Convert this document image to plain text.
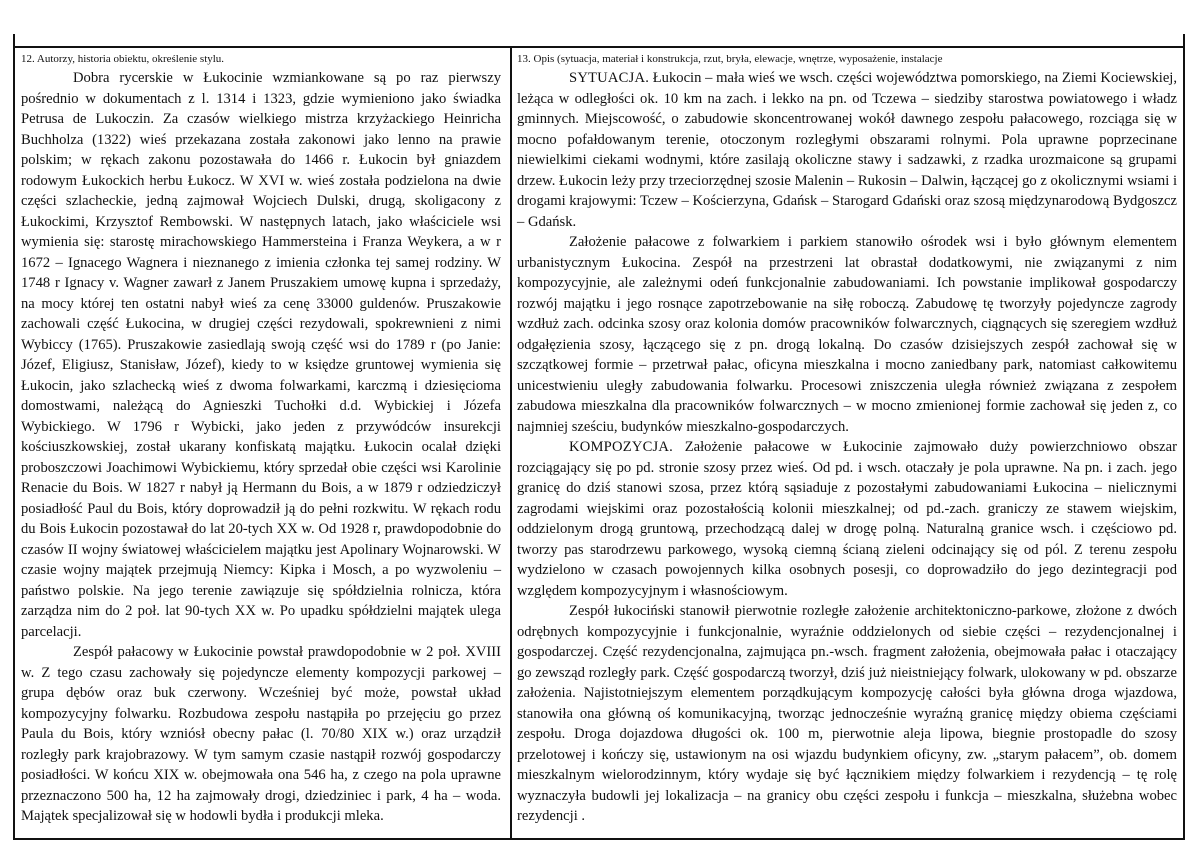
12. Autorzy, historia obiektu, określenie stylu.	13. Opis (sytuacja, materiał i konstrukcja, rzut, bryła, elewacje, wnętrze, wyposażenie, instalacje

Dobra rycerskie w Łukocinie wzmiankowane są po raz pierwszy pośrednio w dokumentach z l. 1314 i 1323, gdzie wymieniono jako świadka Petrusa de Lukoczin. Za czasów wielkiego mistrza krzyżackiego Heinricha Buchholza (1322) wieś przekazana została zakonowi jako lenno na prawie polskim; w rękach zakonu pozostawała do 1466 r. Łukocin był gniazdem rodowym Łukockich herbu Łukocz. W XVI w. wieś została podzielona na dwie części szlacheckie, jedną zajmował Wojciech Dulski, drugą, skoligacony z Łukockimi, Krzysztof Rembowski. W następnych latach, jako właściciele wsi wymienia się: starostę mirachowskiego Hammersteina i Franza Weykera, a w r 1672 – Ignacego Wagnera i nieznanego z imienia członka tej samej rodziny. W 1748 r Ignacy v. Wagner zawarł z Janem Pruszakiem umowę kupna i sprzedaży, na mocy której ten ostatni nabył wieś za cenę 33000 guldenów. Pruszakowie zachowali część Łukocina, w drugiej części rezydowali, spokrewnieni z nimi Wybiccy (1765). Pruszakowie zasiedlają swoją część wsi do 1789 r (po Janie: Józef, Eligiusz, Stanisław, Józef), kiedy to w księdze gruntowej wymienia się Łukocin, jako szlachecką wieś z dwoma folwarkami, karczmą i dziesięcioma domostwami, należącą do Agnieszki Tuchołki d.d. Wybickiej i Józefa Wybickiego. W 1796 r Wybicki, jako jeden z przywódców insurekcji kościuszkowskiej, został ukarany konfiskatą majątku. Łukocin ocalał dzięki proboszczowi Joachimowi Wybickiemu, który sprzedał obie części wsi Karolinie Renacie du Bois. W 1827 r nabył ją Hermann du Bois, a w 1879 r odziedziczył posiadłość Paul du Bois, który doprowadził ją do pełni rozkwitu. W rękach rodu du Bois Łukocin pozostawał do lat 20-tych XX w. Od 1928 r, prawdopodobnie do czasów II wojny światowej właścicielem majątku jest Apolinary Wojnarowski. W czasie wojny majątek przejmują Niemcy: Kipka i Mosch, a po wyzwoleniu – państwo polskie. Na jego terenie zawiązuje się spółdzielnia rolnicza, która zarządza nim do 2 poł. lat 90-tych XX w. Po upadku spółdzielni majątek ulega parcelacji.

Zespół pałacowy w Łukocinie powstał prawdopodobnie w 2 poł. XVIII w. Z tego czasu zachowały się pojedyncze elementy kompozycji parkowej – grupa dębów oraz buk czerwony. Wcześniej być może, powstał układ kompozycyjny folwarku. Rozbudowa zespołu nastąpiła po przejęciu go przez Paula du Bois, który wzniósł obecny pałac (l. 70/80 XIX w.) oraz urządził rozległy park krajobrazowy. W tym samym czasie nastąpił rozwój gospodarczy posiadłości. W końcu XIX w. obejmowała ona 546 ha, z czego na pola uprawne przeznaczono 500 ha, 12 ha zajmowały drogi, dziedziniec i park, 4 ha – woda. Majątek specjalizował się w hodowli bydła i produkcji mleka.

SYTUACJA. Łukocin – mała wieś we wsch. części województwa pomorskiego, na Ziemi Kociewskiej, leżąca w odległości ok. 10 km na zach. i lekko na pn. od Tczewa – siedziby starostwa powiatowego i władz gminnych. Miejscowość, o zabudowie skoncentrowanej wokół dawnego zespołu pałacowego, rozciąga się w mocno pofałdowanym terenie, otoczonym rozległymi obszarami rolnymi. Pola uprawne poprzecinane niewielkimi ciekami wodnymi, które zasilają okoliczne stawy i sadzawki, z rzadka urozmaicone są grupami drzew. Łukocin leży przy trzeciorzędnej szosie Malenin – Rukosin – Dalwin, łączącej go z okolicznymi wsiami i drogami krajowymi: Tczew – Kościerzyna, Gdańsk – Starogard Gdański oraz szosą międzynarodową Bydgoszcz – Gdańsk.

Założenie pałacowe z folwarkiem i parkiem stanowiło ośrodek wsi i było głównym elementem urbanistycznym Łukocina. Zespół na przestrzeni lat obrastał dodatkowymi, nie związanymi z nim kompozycyjnie, ale zależnymi odeń funkcjonalnie zabudowaniami. Ich powstanie implikował gospodarczy rozwój majątku i jego rosnące zapotrzebowanie na siłę roboczą. Zabudowę tę tworzyły pojedyncze zagrody wzdłuż zach. odcinka szosy oraz kolonia domów pracowników folwarcznych, ciągnących się szeregiem wzdłuż odgałęzienia szosy, łączącego się z pn. drogą lokalną. Do czasów dzisiejszych zespół zachował się w szczątkowej formie – przetrwał pałac, oficyna mieszkalna i mocno zaniedbany park, natomiast całkowitemu unicestwieniu uległy zabudowania folwarku. Procesowi zniszczenia uległa również związana z zespołem zabudowa mieszkalna dla pracowników folwarcznych – w mocno zmienionej formie zachował się jeden z, co najmniej sześciu, budynków mieszkalno-gospodarczych.

KOMPOZYCJA. Założenie pałacowe w Łukocinie zajmowało duży powierzchniowo obszar rozciągający się po pd. stronie szosy przez wieś. Od pd. i wsch. otaczały je pola uprawne. Na pn. i zach. jego granicę do dziś stanowi szosa, przez którą sąsiaduje z pozostałymi zabudowaniami Łukocina – nielicznymi zagrodami wiejskimi oraz pozostałością kolonii mieszkalnej; od pd.-zach. graniczy ze stawem wiejskim, oddzielonym drogą gruntową, przechodzącą dalej w drogę polną. Naturalną granice wsch. i częściowo pd. tworzy pas starodrzewu parkowego, wysoką ciemną ścianą zieleni odcinający się od pól. Z terenu zespołu wydzielono w czasach powojennych kilka osobnych posesji, co doprowadziło do jego dezintegracji pod względem kompozycyjnym i własnościowym.

Zespół łukociński stanowił pierwotnie rozległe założenie architektoniczno-parkowe, złożone z dwóch odrębnych kompozycyjnie i funkcjonalnie, wyraźnie oddzielonych od siebie części – rezydencjonalnej i gospodarczej. Część rezydencjonalna, zajmująca pn.-wsch. fragment założenia, obejmowała pałac i otaczający go zewsząd rozległy park. Część gospodarczą tworzył, dziś już nieistniejący folwark, ulokowany w pd. obszarze założenia. Najistotniejszym elementem porządkującym kompozycję całości była główna droga wjazdowa, stanowiła ona główną oś komunikacyjną, tworząc jednocześnie wyraźną granicę między obiema częściami zespołu. Droga dojazdowa długości ok. 100 m, pierwotnie aleja lipowa, biegnie prostopadle do szosy przelotowej i kończy się, ustawionym na osi wjazdu budynkiem oficyny, zw. „starym pałacem”, ob. domem mieszkalnym wielorodzinnym, który wydaje się być łącznikiem między folwarkiem i rezydencją – tę rolę wyznaczyła budowli jej lokalizacja – na granicy obu części zespołu i funkcja – mieszkalna, służebna wobec rezydencji .
